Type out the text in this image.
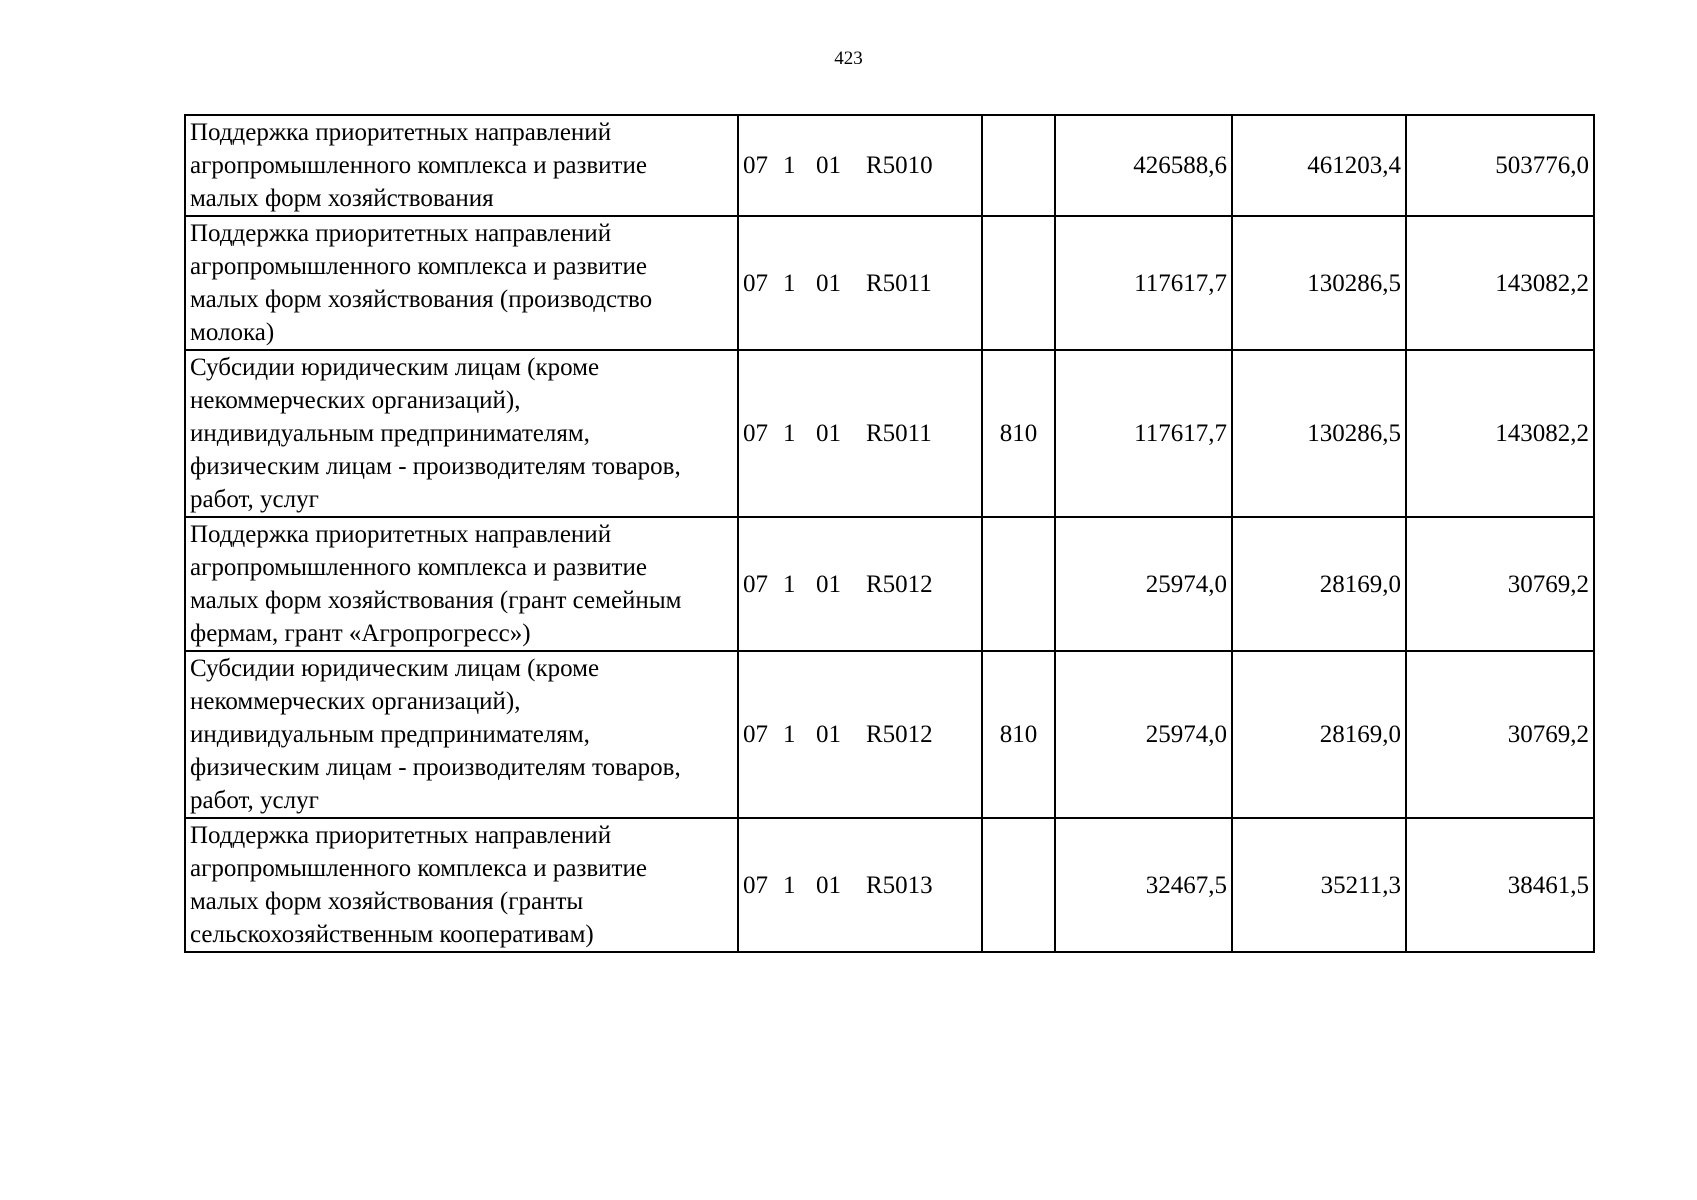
423
Поддержка приоритетных направлений
агропромышленного комплекса и развитие
малых форм хозяйствования	07 1 01 R5010		426588,6	461203,4	503776,0

Поддержка приоритетных направлений
агропромышленного комплекса и развитие
малых форм хозяйствования (производство
молока)	07 1 01 R5011		117617,7	130286,5	143082,2

Субсидии юридическим лицам (кроме
некоммерческих организаций),
индивидуальным предпринимателям,
физическим лицам - производителям товаров,
работ, услуг	07 1 01 R5011	810	117617,7	130286,5	143082,2

Поддержка приоритетных направлений
агропромышленного комплекса и развитие
малых форм хозяйствования (грант семейным
фермам, грант «Агропрогресс»)	07 1 01 R5012		25974,0	28169,0	30769,2

Субсидии юридическим лицам (кроме
некоммерческих организаций),
индивидуальным предпринимателям,
физическим лицам - производителям товаров,
работ, услуг	07 1 01 R5012	810	25974,0	28169,0	30769,2

Поддержка приоритетных направлений
агропромышленного комплекса и развитие
малых форм хозяйствования (гранты
сельскохозяйственным кооперативам)	07 1 01 R5013		32467,5	35211,3	38461,5
